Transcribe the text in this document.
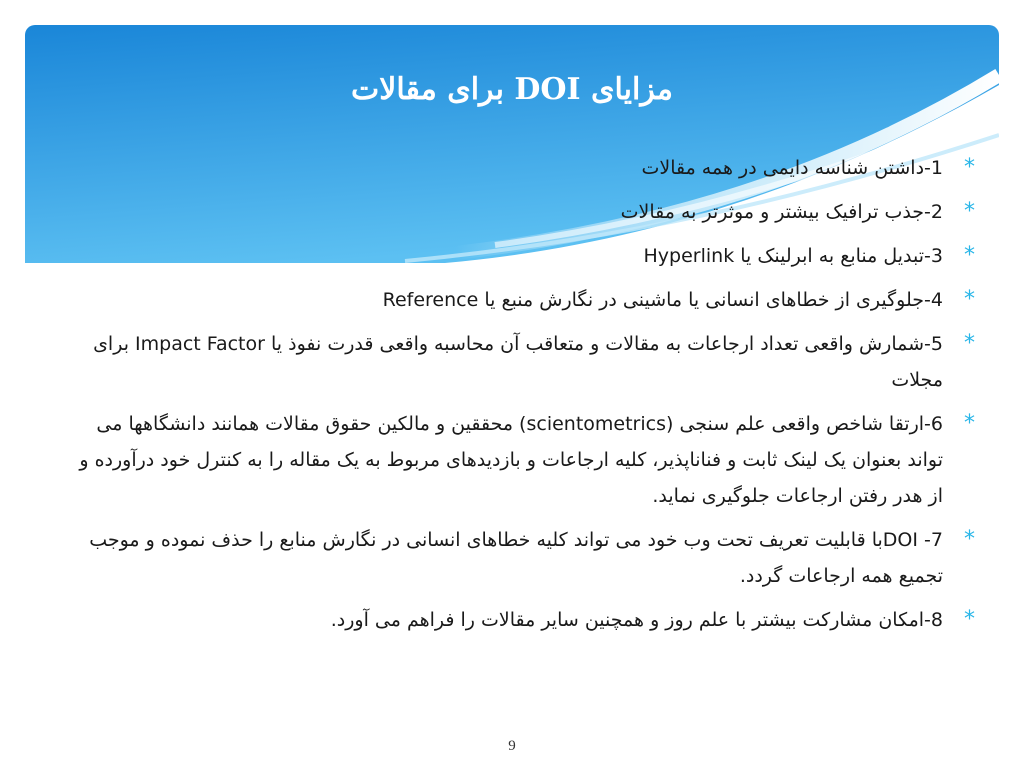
مزایای DOI برای مقالات

*
1-داشتن شناسه دایمی در همه مقالات

*
2-جذب ترافیک بیشتر و موثرتر به مقالات

*
3-تبدیل منابع به ابرلینک یا Hyperlink

*
4-جلوگیری از خطاهای انسانی یا ماشینی در نگارش منبع یا Reference

*
5-شمارش واقعی تعداد ارجاعات به مقالات و متعاقب آن محاسبه واقعی قدرت نفوذ یا Impact Factor برای مجلات

*
6-ارتقا شاخص واقعی علم سنجی (scientometrics) محققین و مالکین حقوق مقالات همانند دانشگاهها می تواند بعنوان یک لینک ثابت و فناناپذیر، کلیه ارجاعات و بازدیدهای مربوط به یک مقاله را به کنترل خود درآورده و از هدر رفتن ارجاعات جلوگیری نماید.

*
7- DOIبا قابلیت تعریف تحت وب خود می تواند کلیه خطاهای انسانی در نگارش منابع را حذف نموده و موجب تجمیع همه ارجاعات گردد.

*
8-امکان مشارکت بیشتر با علم روز و همچنین سایر مقالات را فراهم می آورد.

9
